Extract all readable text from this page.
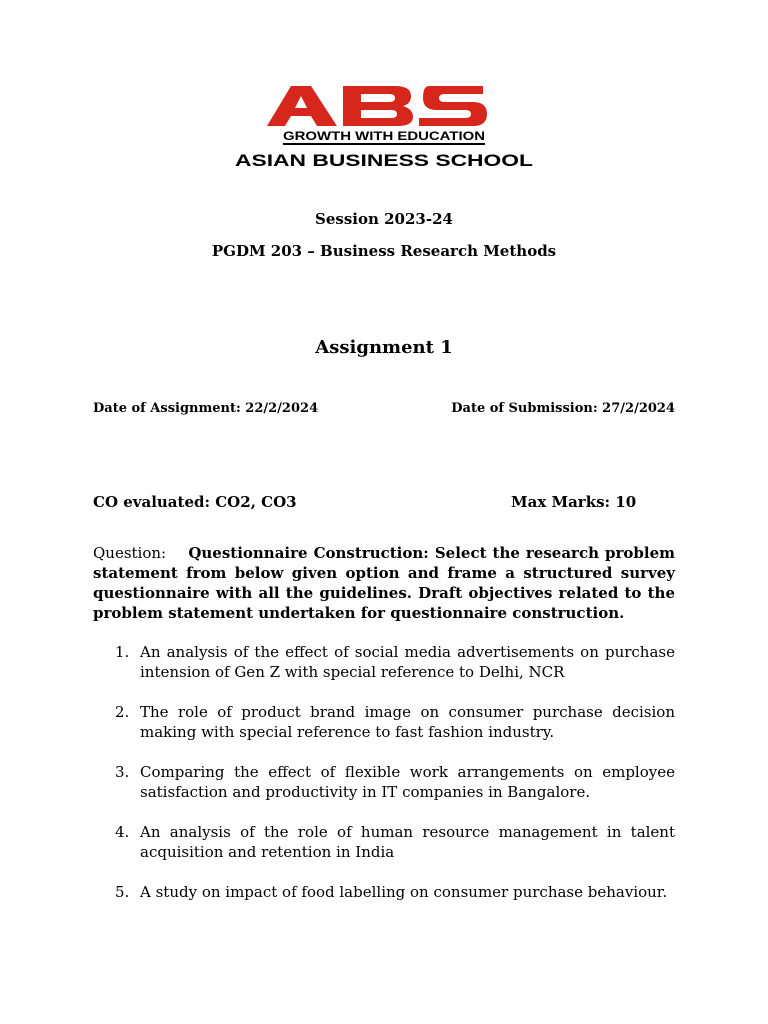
GROWTH WITH EDUCATION
ASIAN BUSINESS SCHOOL
Session 2023-24
PGDM 203 – Business Research Methods
Assignment 1
Date of Assignment: 22/2/2024	Date of Submission: 27/2/2024
CO evaluated: CO2, CO3	Max Marks: 10
Question: Questionnaire Construction: Select the research problem statement from below given option and frame a structured survey questionnaire with all the guidelines. Draft objectives related to the problem statement undertaken for questionnaire construction.
1. An analysis of the effect of social media advertisements on purchase intension of Gen Z with special reference to Delhi, NCR
2. The role of product brand image on consumer purchase decision making with special reference to fast fashion industry.
3. Comparing the effect of flexible work arrangements on employee satisfaction and productivity in IT companies in Bangalore.
4. An analysis of the role of human resource management in talent acquisition and retention in India
5. A study on impact of food labelling on consumer purchase behaviour.
